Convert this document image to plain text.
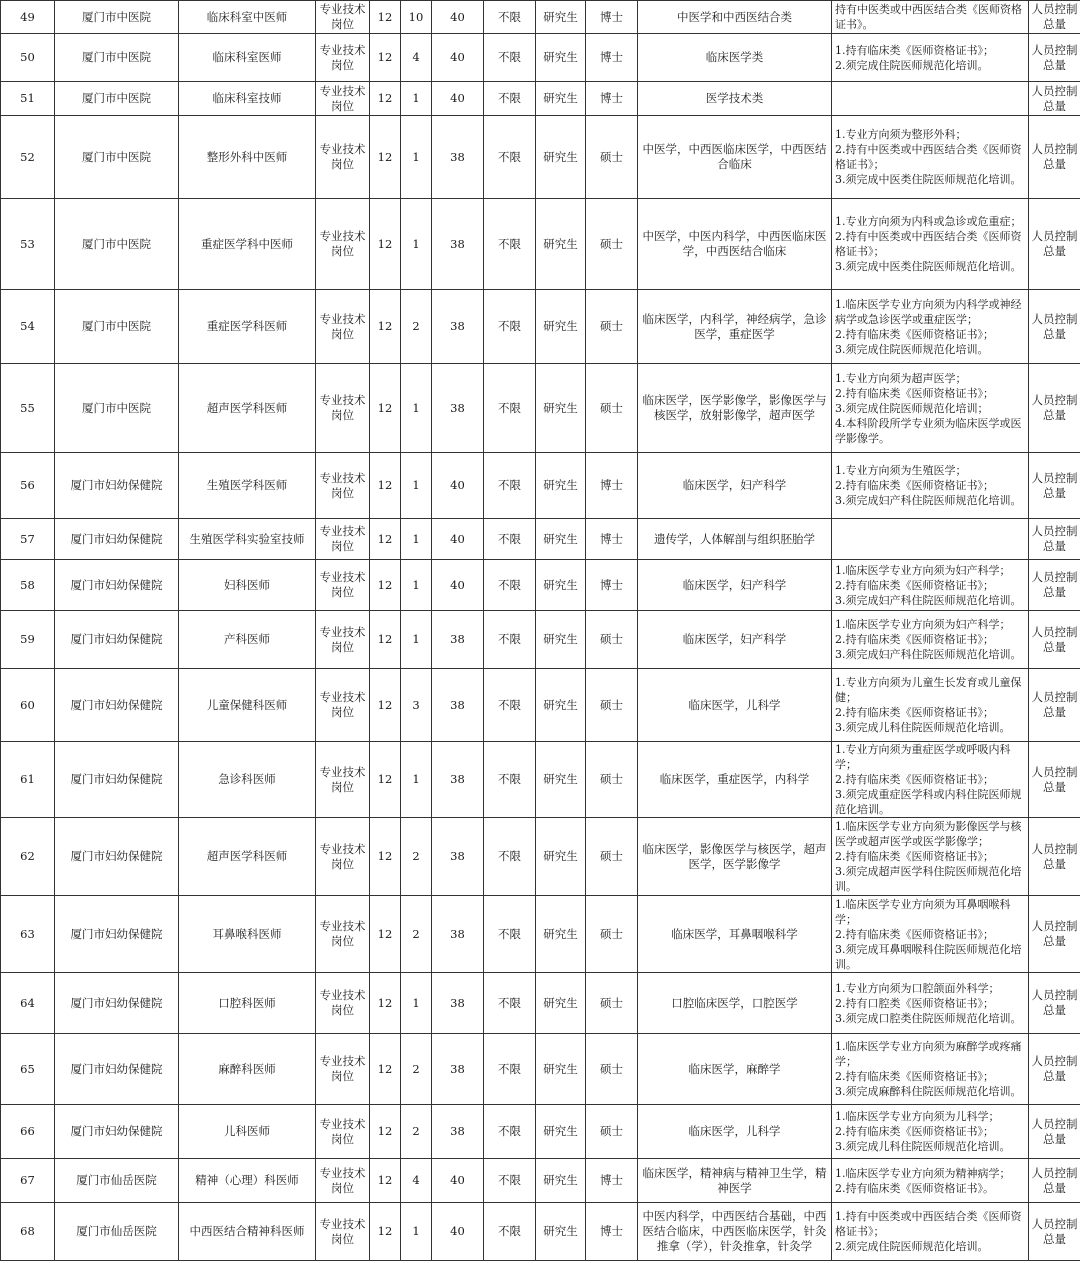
49	厦门市中医院	临床科室中医师	专业技术岗位	12	10	40	不限	研究生	博士	中医学和中西医结合类	持有中医类或中西医结合类《医师资格证书》。	人员控制总量
50	厦门市中医院	临床科室医师	专业技术岗位	12	4	40	不限	研究生	博士	临床医学类	1.持有临床类《医师资格证书》；
2.须完成住院医师规范化培训。	人员控制总量
51	厦门市中医院	临床科室技师	专业技术岗位	12	1	40	不限	研究生	博士	医学技术类		人员控制总量
52	厦门市中医院	整形外科中医师	专业技术岗位	12	1	38	不限	研究生	硕士	中医学，中西医临床医学，中西医结合临床	1.专业方向须为整形外科；
2.持有中医类或中西医结合类《医师资格证书》；
3.须完成中医类住院医师规范化培训。	人员控制总量
53	厦门市中医院	重症医学科中医师	专业技术岗位	12	1	38	不限	研究生	硕士	中医学，中医内科学，中西医临床医学，中西医结合临床	1.专业方向须为内科或急诊或危重症；
2.持有中医类或中西医结合类《医师资格证书》；
3.须完成中医类住院医师规范化培训。	人员控制总量
54	厦门市中医院	重症医学科医师	专业技术岗位	12	2	38	不限	研究生	硕士	临床医学，内科学，神经病学，急诊医学，重症医学	1.临床医学专业方向须为内科学或神经病学或急诊医学或重症医学；
2.持有临床类《医师资格证书》；
3.须完成住院医师规范化培训。	人员控制总量
55	厦门市中医院	超声医学科医师	专业技术岗位	12	1	38	不限	研究生	硕士	临床医学，医学影像学，影像医学与核医学，放射影像学，超声医学	1.专业方向须为超声医学；
2.持有临床类《医师资格证书》；
3.须完成住院医师规范化培训；
4.本科阶段所学专业须为临床医学或医学影像学。	人员控制总量
56	厦门市妇幼保健院	生殖医学科医师	专业技术岗位	12	1	40	不限	研究生	博士	临床医学，妇产科学	1.专业方向须为生殖医学；
2.持有临床类《医师资格证书》；
3.须完成妇产科住院医师规范化培训。	人员控制总量
57	厦门市妇幼保健院	生殖医学科实验室技师	专业技术岗位	12	1	40	不限	研究生	博士	遗传学，人体解剖与组织胚胎学		人员控制总量
58	厦门市妇幼保健院	妇科医师	专业技术岗位	12	1	40	不限	研究生	博士	临床医学，妇产科学	1.临床医学专业方向须为妇产科学；
2.持有临床类《医师资格证书》；
3.须完成妇产科住院医师规范化培训。	人员控制总量
59	厦门市妇幼保健院	产科医师	专业技术岗位	12	1	38	不限	研究生	硕士	临床医学，妇产科学	1.临床医学专业方向须为妇产科学；
2.持有临床类《医师资格证书》；
3.须完成妇产科住院医师规范化培训。	人员控制总量
60	厦门市妇幼保健院	儿童保健科医师	专业技术岗位	12	3	38	不限	研究生	硕士	临床医学，儿科学	1.专业方向须为儿童生长发育或儿童保健；
2.持有临床类《医师资格证书》；
3.须完成儿科住院医师规范化培训。	人员控制总量
61	厦门市妇幼保健院	急诊科医师	专业技术岗位	12	1	38	不限	研究生	硕士	临床医学，重症医学，内科学	1.专业方向须为重症医学或呼吸内科学；
2.持有临床类《医师资格证书》；
3.须完成重症医学科或内科住院医师规范化培训。	人员控制总量
62	厦门市妇幼保健院	超声医学科医师	专业技术岗位	12	2	38	不限	研究生	硕士	临床医学，影像医学与核医学，超声医学，医学影像学	1.临床医学专业方向须为影像医学与核医学或超声医学或医学影像学；
2.持有临床类《医师资格证书》；
3.须完成超声医学科住院医师规范化培训。	人员控制总量
63	厦门市妇幼保健院	耳鼻喉科医师	专业技术岗位	12	2	38	不限	研究生	硕士	临床医学，耳鼻咽喉科学	1.临床医学专业方向须为耳鼻咽喉科学；
2.持有临床类《医师资格证书》；
3.须完成耳鼻咽喉科住院医师规范化培训。	人员控制总量
64	厦门市妇幼保健院	口腔科医师	专业技术岗位	12	1	38	不限	研究生	硕士	口腔临床医学，口腔医学	1.专业方向须为口腔颌面外科学；
2.持有口腔类《医师资格证书》；
3.须完成口腔类住院医师规范化培训。	人员控制总量
65	厦门市妇幼保健院	麻醉科医师	专业技术岗位	12	2	38	不限	研究生	硕士	临床医学，麻醉学	1.临床医学专业方向须为麻醉学或疼痛学；
2.持有临床类《医师资格证书》；
3.须完成麻醉科住院医师规范化培训。	人员控制总量
66	厦门市妇幼保健院	儿科医师	专业技术岗位	12	2	38	不限	研究生	硕士	临床医学，儿科学	1.临床医学专业方向须为儿科学；
2.持有临床类《医师资格证书》；
3.须完成儿科住院医师规范化培训。	人员控制总量
67	厦门市仙岳医院	精神（心理）科医师	专业技术岗位	12	4	40	不限	研究生	博士	临床医学，精神病与精神卫生学，精神医学	1.临床医学专业方向须为精神病学；
2.持有临床类《医师资格证书》。	人员控制总量
68	厦门市仙岳医院	中西医结合精神科医师	专业技术岗位	12	1	40	不限	研究生	博士	中医内科学，中西医结合基础，中西医结合临床，中西医临床医学，针灸推拿（学），针灸推拿，针灸学	1.持有中医类或中西医结合类《医师资格证书》；
2.须完成住院医师规范化培训。	人员控制总量
